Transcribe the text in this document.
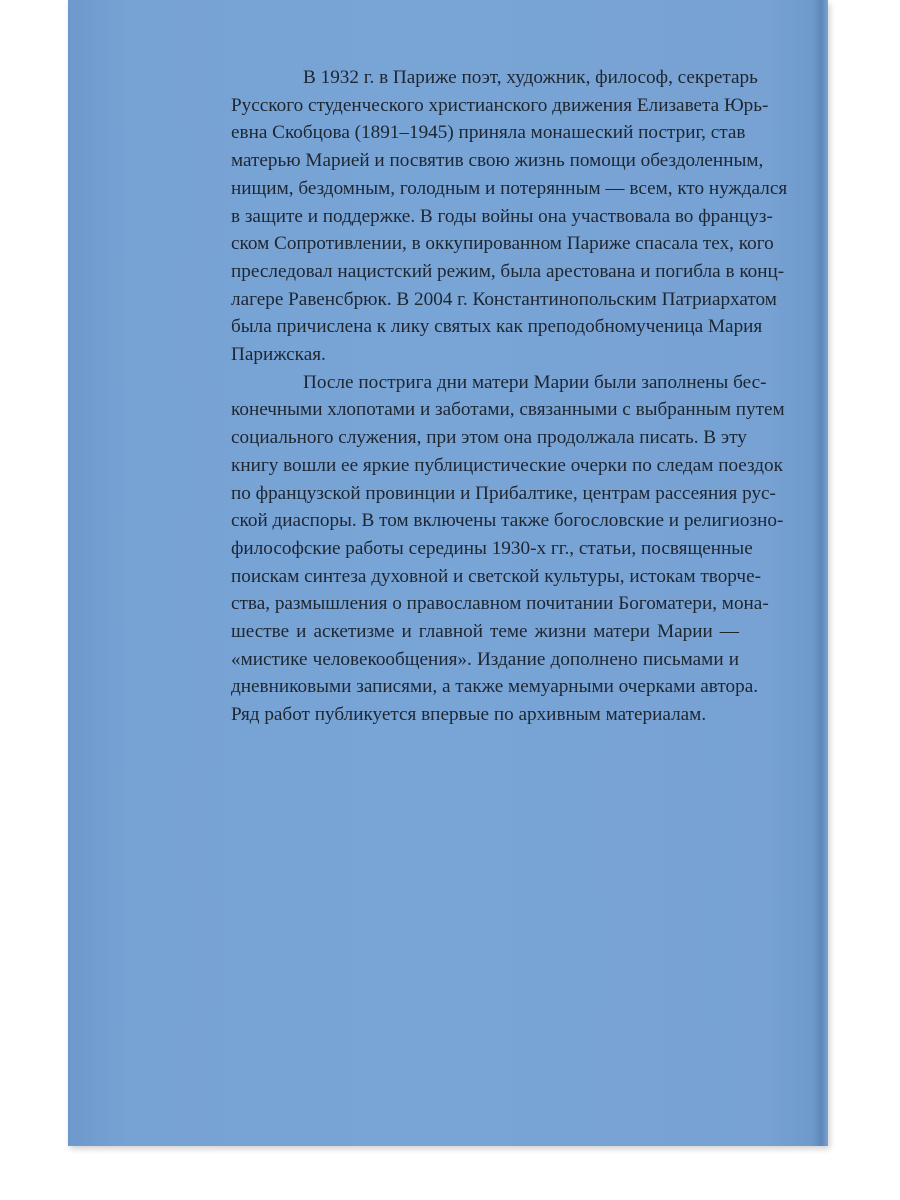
В 1932 г. в Париже поэт, художник, философ, секретарь
Русского студенческого христианского движения Елизавета Юрь-
евна Скобцова (1891–1945) приняла монашеский постриг, став
матерью Марией и посвятив свою жизнь помощи обездоленным,
нищим, бездомным, голодным и потерянным — всем, кто нуждался
в защите и поддержке. В годы войны она участвовала во француз-
ском Сопротивлении, в оккупированном Париже спасала тех, кого
преследовал нацистский режим, была арестована и погибла в конц-
лагере Равенсбрюк. В 2004 г. Константинопольским Патриархатом
была причислена к лику святых как преподобномученица Мария
Парижская.

После пострига дни матери Марии были заполнены бес-
конечными хлопотами и заботами, связанными с выбранным путем
социального служения, при этом она продолжала писать. В эту
книгу вошли ее яркие публицистические очерки по следам поездок
по французской провинции и Прибалтике, центрам рассеяния рус-
ской диаспоры. В том включены также богословские и религиозно-
философские работы середины 1930-х гг., статьи, посвященные
поискам синтеза духовной и светской культуры, истокам творче-
ства, размышления о православном почитании Богоматери, мона-
шестве и аскетизме и главной теме жизни матери Марии —
«мистике человекообщения». Издание дополнено письмами и
дневниковыми записями, а также мемуарными очерками автора.
Ряд работ публикуется впервые по архивным материалам.
